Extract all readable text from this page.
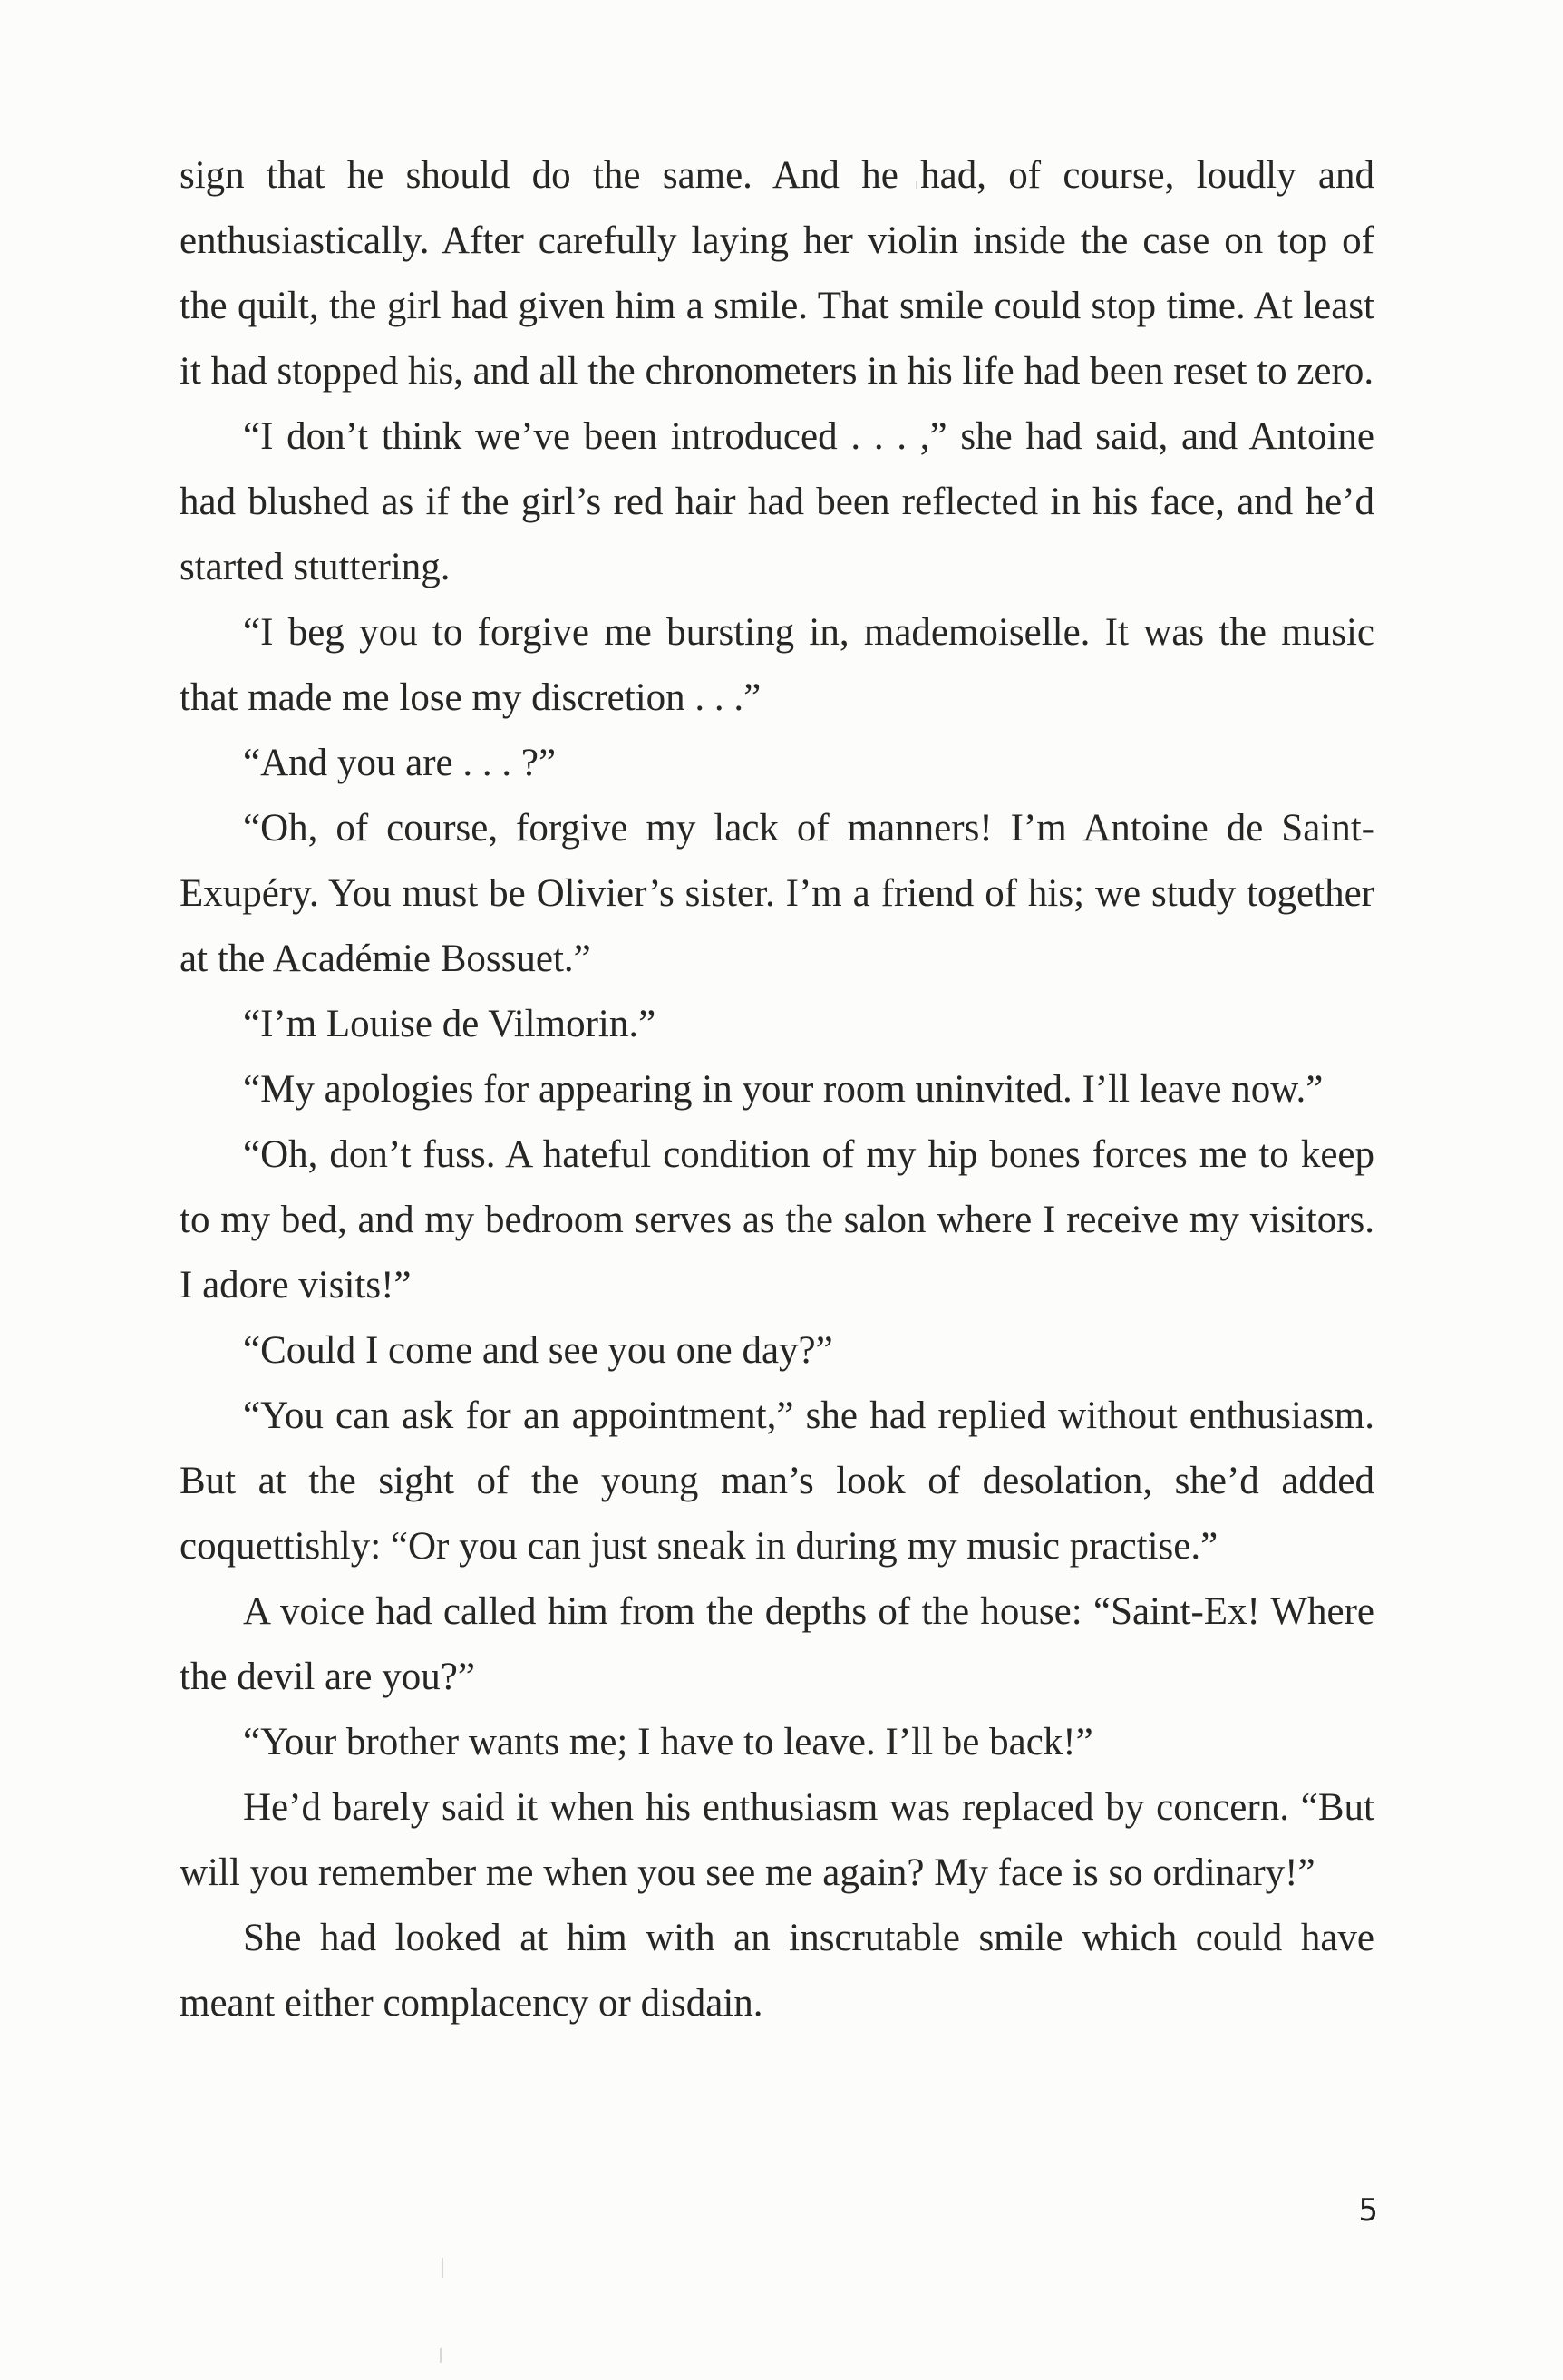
sign that he should do the same. And he had, of course, loudly and enthusiastically. After carefully laying her violin inside the case on top of the quilt, the girl had given him a smile. That smile could stop time. At least it had stopped his, and all the chronometers in his life had been reset to zero.

“I don’t think we’ve been introduced . . . ,” she had said, and Antoine had blushed as if the girl’s red hair had been reflected in his face, and he’d started stuttering.

“I beg you to forgive me bursting in, mademoiselle. It was the music that made me lose my discretion . . .”

“And you are . . . ?”

“Oh, of course, forgive my lack of manners! I’m Antoine de Saint-Exupéry. You must be Olivier’s sister. I’m a friend of his; we study together at the Académie Bossuet.”

“I’m Louise de Vilmorin.”

“My apologies for appearing in your room uninvited. I’ll leave now.”

“Oh, don’t fuss. A hateful condition of my hip bones forces me to keep to my bed, and my bedroom serves as the salon where I receive my visitors. I adore visits!”

“Could I come and see you one day?”

“You can ask for an appointment,” she had replied without enthusiasm. But at the sight of the young man’s look of desolation, she’d added coquettishly: “Or you can just sneak in during my music practise.”

A voice had called him from the depths of the house: “Saint-Ex! Where the devil are you?”

“Your brother wants me; I have to leave. I’ll be back!”

He’d barely said it when his enthusiasm was replaced by concern. “But will you remember me when you see me again? My face is so ordinary!”

She had looked at him with an inscrutable smile which could have meant either complacency or disdain.

5
